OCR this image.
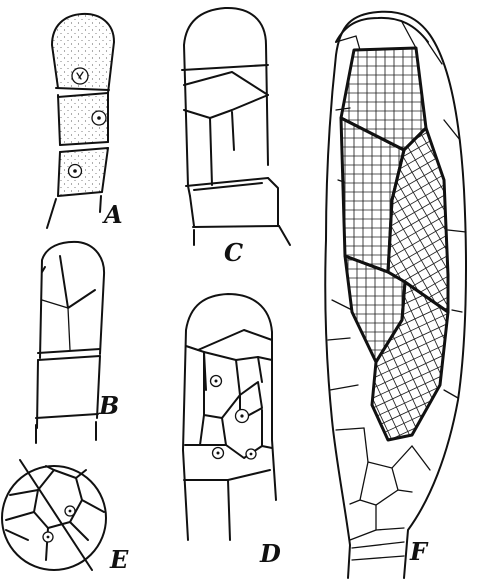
A
B
C
D
E	F
